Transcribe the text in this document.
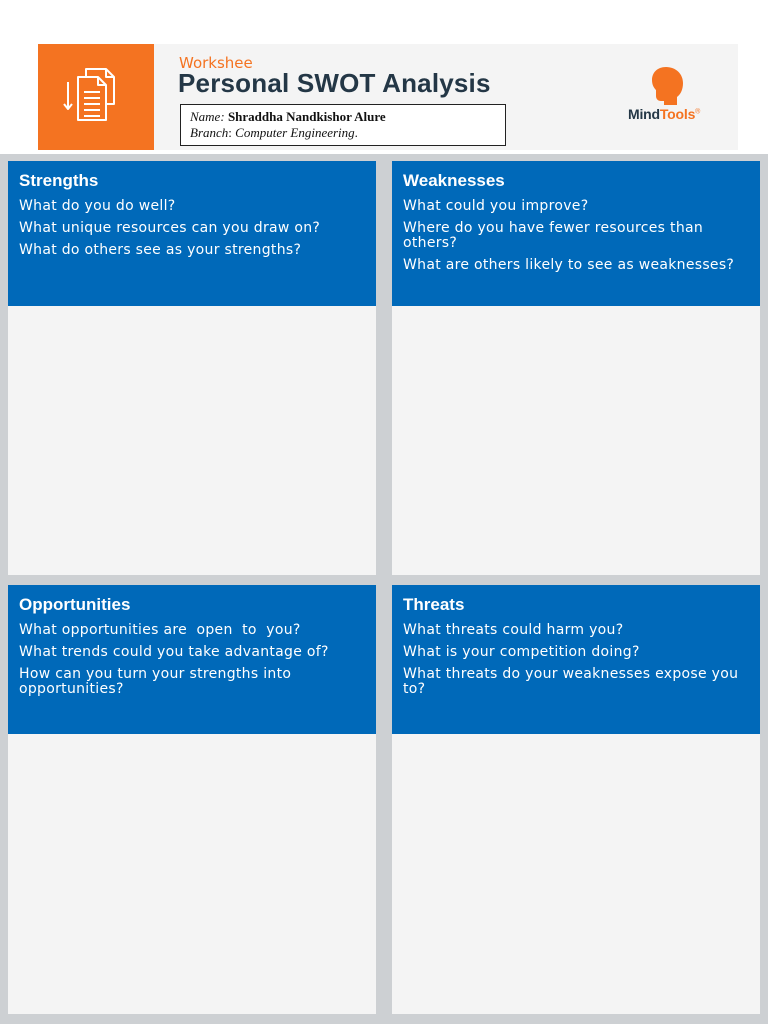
Workshee
Personal SWOT Analysis
Name: Shraddha Nandkishor Alure
Branch: Computer Engineering.
MindTools®
Strengths
What do you do well?
What unique resources can you draw on?
What do others see as your strengths?
Weaknesses
What could you improve?
Where do you have fewer resources than others?
What are others likely to see as weaknesses?
Opportunities
What opportunities are  open  to  you?
What trends could you take advantage of?
How can you turn your strengths into opportunities?
Threats
What threats could harm you?
What is your competition doing?
What threats do your weaknesses expose you to?
